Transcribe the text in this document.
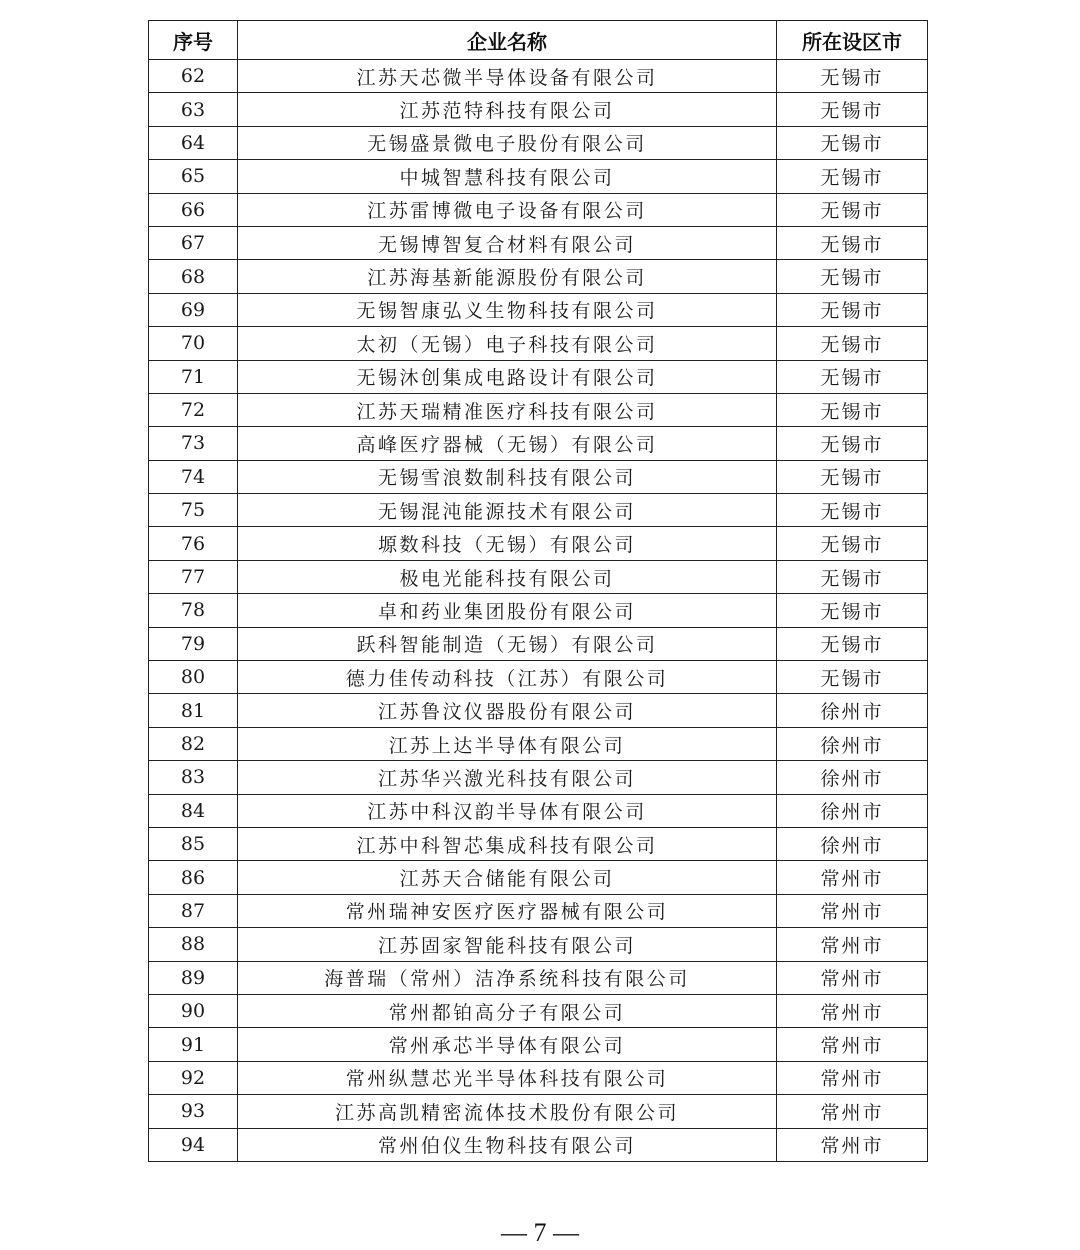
序号	企业名称	所在设区市
62	江苏天芯微半导体设备有限公司	无锡市
63	江苏范特科技有限公司	无锡市
64	无锡盛景微电子股份有限公司	无锡市
65	中城智慧科技有限公司	无锡市
66	江苏雷博微电子设备有限公司	无锡市
67	无锡博智复合材料有限公司	无锡市
68	江苏海基新能源股份有限公司	无锡市
69	无锡智康弘义生物科技有限公司	无锡市
70	太初（无锡）电子科技有限公司	无锡市
71	无锡沐创集成电路设计有限公司	无锡市
72	江苏天瑞精准医疗科技有限公司	无锡市
73	高峰医疗器械（无锡）有限公司	无锡市
74	无锡雪浪数制科技有限公司	无锡市
75	无锡混沌能源技术有限公司	无锡市
76	塬数科技（无锡）有限公司	无锡市
77	极电光能科技有限公司	无锡市
78	卓和药业集团股份有限公司	无锡市
79	跃科智能制造（无锡）有限公司	无锡市
80	德力佳传动科技（江苏）有限公司	无锡市
81	江苏鲁汶仪器股份有限公司	徐州市
82	江苏上达半导体有限公司	徐州市
83	江苏华兴激光科技有限公司	徐州市
84	江苏中科汉韵半导体有限公司	徐州市
85	江苏中科智芯集成科技有限公司	徐州市
86	江苏天合储能有限公司	常州市
87	常州瑞神安医疗医疗器械有限公司	常州市
88	江苏固家智能科技有限公司	常州市
89	海普瑞（常州）洁净系统科技有限公司	常州市
90	常州都铂高分子有限公司	常州市
91	常州承芯半导体有限公司	常州市
92	常州纵慧芯光半导体科技有限公司	常州市
93	江苏高凯精密流体技术股份有限公司	常州市
94	常州伯仪生物科技有限公司	常州市
— 7 —
